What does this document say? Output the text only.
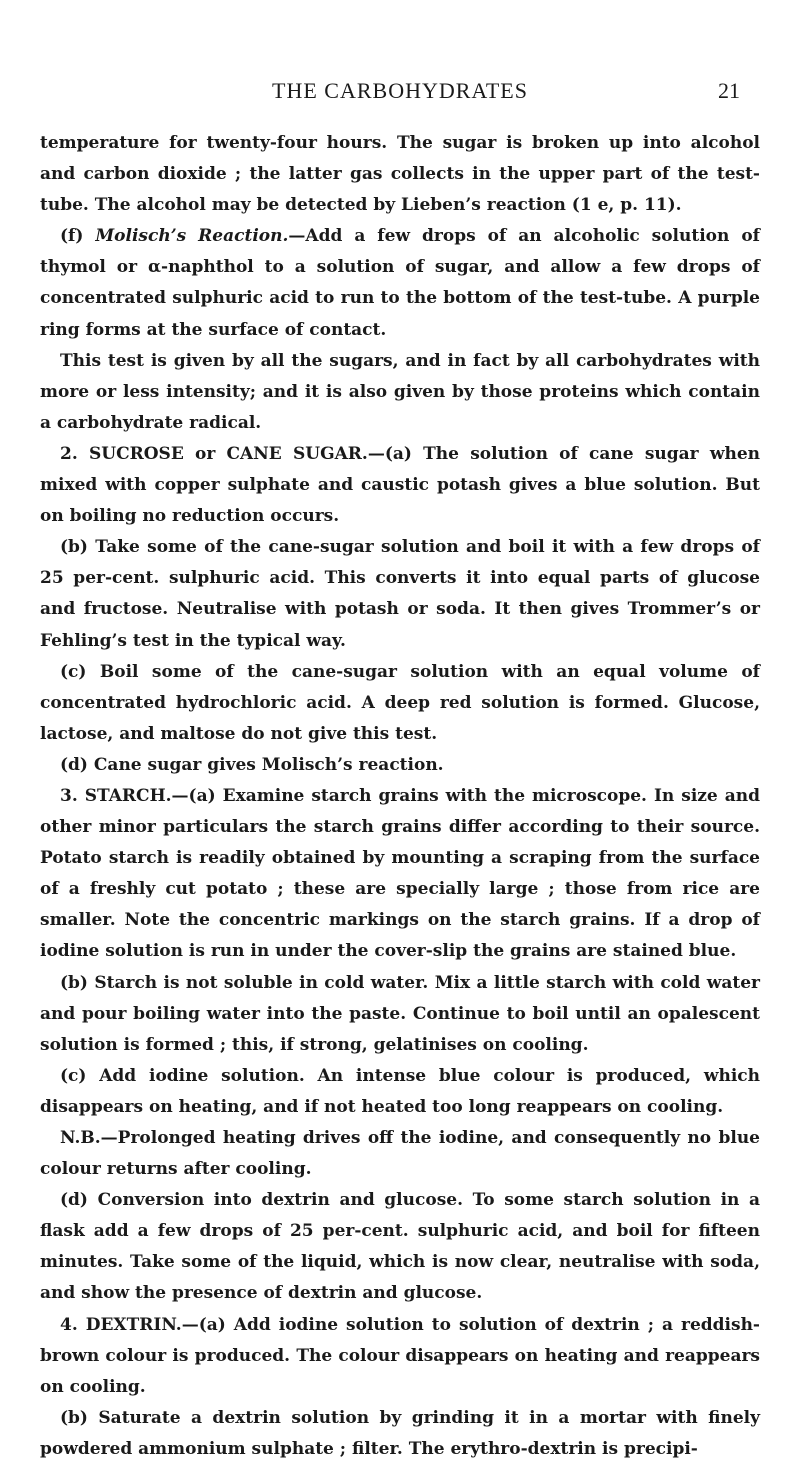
THE CARBOHYDRATES	21

temperature for twenty-four hours. The sugar is broken up into alcohol and carbon dioxide ; the latter gas collects in the upper part of the test-tube. The alcohol may be detected by Lieben’s reaction (1 e, p. 11).

(f) Molisch’s Reaction.—Add a few drops of an alcoholic solution of thymol or α-naphthol to a solution of sugar, and allow a few drops of concentrated sulphuric acid to run to the bottom of the test-tube. A purple ring forms at the surface of contact.

This test is given by all the sugars, and in fact by all carbohydrates with more or less intensity; and it is also given by those proteins which contain a carbohydrate radical.

2. SUCROSE or CANE SUGAR.—(a) The solution of cane sugar when mixed with copper sulphate and caustic potash gives a blue solution. But on boiling no reduction occurs.

(b) Take some of the cane-sugar solution and boil it with a few drops of 25 per-cent. sulphuric acid. This converts it into equal parts of glucose and fructose. Neutralise with potash or soda. It then gives Trommer’s or Fehling’s test in the typical way.

(c) Boil some of the cane-sugar solution with an equal volume of concentrated hydrochloric acid. A deep red solution is formed. Glucose, lactose, and maltose do not give this test.

(d) Cane sugar gives Molisch’s reaction.

3. STARCH.—(a) Examine starch grains with the microscope. In size and other minor particulars the starch grains differ according to their source. Potato starch is readily obtained by mounting a scraping from the surface of a freshly cut potato ; these are specially large ; those from rice are smaller. Note the concentric markings on the starch grains. If a drop of iodine solution is run in under the cover-slip the grains are stained blue.

(b) Starch is not soluble in cold water. Mix a little starch with cold water and pour boiling water into the paste. Continue to boil until an opalescent solution is formed ; this, if strong, gelatinises on cooling.

(c) Add iodine solution. An intense blue colour is produced, which disappears on heating, and if not heated too long reappears on cooling.

N.B.—Prolonged heating drives off the iodine, and consequently no blue colour returns after cooling.

(d) Conversion into dextrin and glucose. To some starch solution in a flask add a few drops of 25 per-cent. sulphuric acid, and boil for fifteen minutes. Take some of the liquid, which is now clear, neutralise with soda, and show the presence of dextrin and glucose.

4. DEXTRIN.—(a) Add iodine solution to solution of dextrin ; a reddish-brown colour is produced. The colour disappears on heating and reappears on cooling.

(b) Saturate a dextrin solution by grinding it in a mortar with finely powdered ammonium sulphate ; filter. The erythro-dextrin is precipi-
